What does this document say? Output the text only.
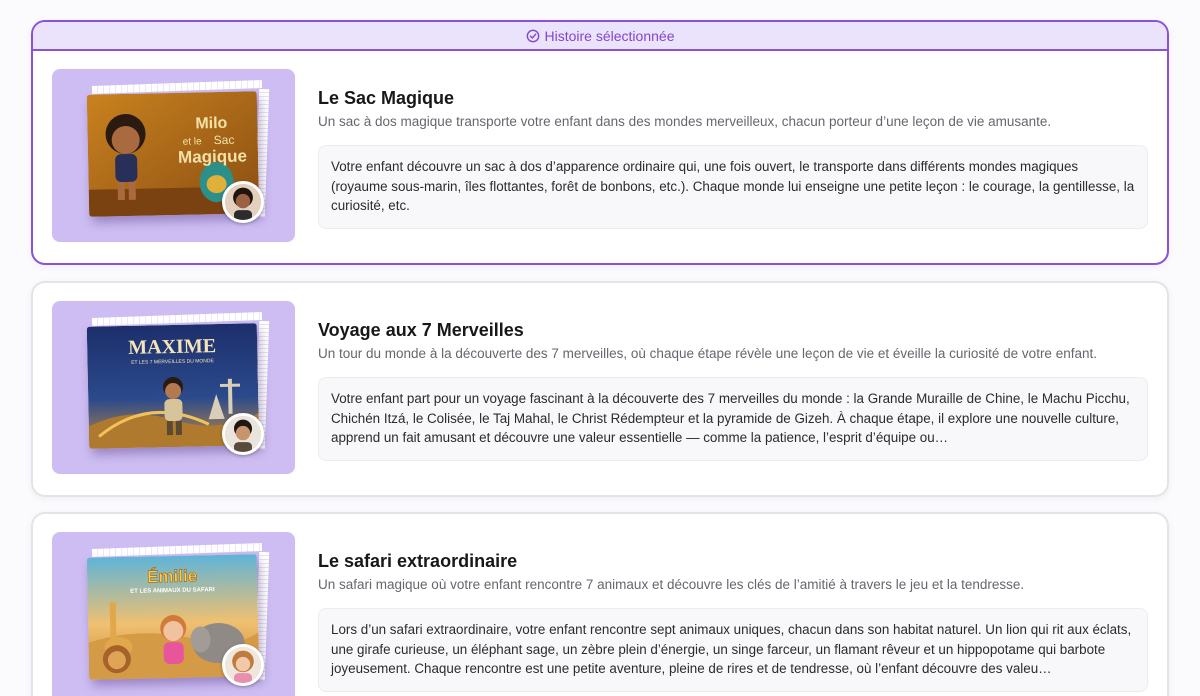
Histoire sélectionnée
Milo
et le Sac
Magique
Le Sac Magique
Un sac à dos magique transporte votre enfant dans des mondes merveilleux, chacun porteur d’une leçon de vie amusante.
Votre enfant découvre un sac à dos d’apparence ordinaire qui, une fois ouvert, le transporte dans différents mondes magiques (royaume sous-marin, îles flottantes, forêt de bonbons, etc.). Chaque monde lui enseigne une petite leçon : le courage, la gentillesse, la curiosité, etc.
MAXIME
ET LES 7 MERVEILLES DU MONDE
Voyage aux 7 Merveilles
Un tour du monde à la découverte des 7 merveilles, où chaque étape révèle une leçon de vie et éveille la curiosité de votre enfant.
Votre enfant part pour un voyage fascinant à la découverte des 7 merveilles du monde : la Grande Muraille de Chine, le Machu Picchu, Chichén Itzá, le Colisée, le Taj Mahal, le Christ Rédempteur et la pyramide de Gizeh. À chaque étape, il explore une nouvelle culture, apprend un fait amusant et découvre une valeur essentielle — comme la patience, l’esprit d’équipe ou…
Émilie
ET LES ANIMAUX DU SAFARI
Le safari extraordinaire
Un safari magique où votre enfant rencontre 7 animaux et découvre les clés de l’amitié à travers le jeu et la tendresse.
Lors d’un safari extraordinaire, votre enfant rencontre sept animaux uniques, chacun dans son habitat naturel. Un lion qui rit aux éclats, une girafe curieuse, un éléphant sage, un zèbre plein d’énergie, un singe farceur, un flamant rêveur et un hippopotame qui barbote joyeusement. Chaque rencontre est une petite aventure, pleine de rires et de tendresse, où l’enfant découvre des valeu…
